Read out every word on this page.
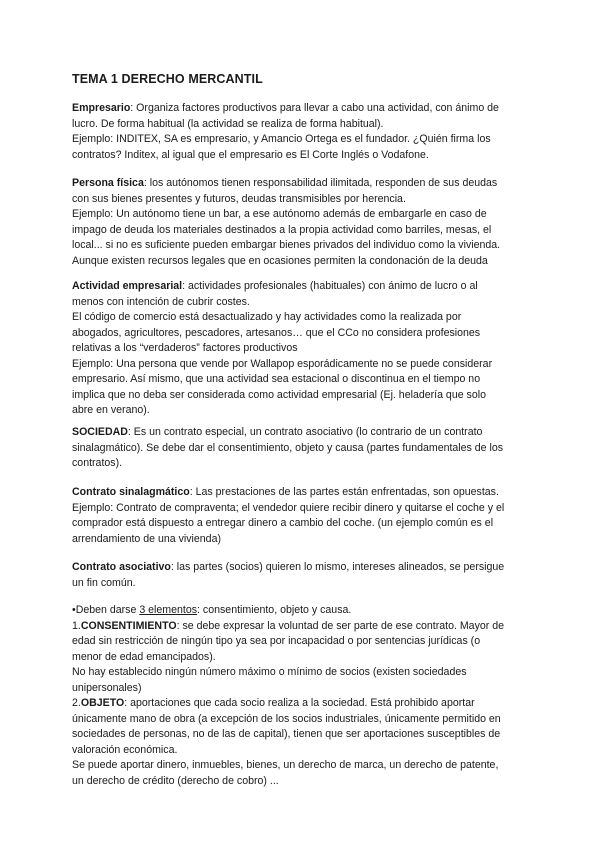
TEMA 1 DERECHO MERCANTIL
Empresario: Organiza factores productivos para llevar a cabo una actividad, con ánimo de
lucro. De forma habitual (la actividad se realiza de forma habitual).
Ejemplo: INDITEX, SA es empresario, y Amancio Ortega es el fundador. ¿Quién firma los
contratos? Inditex, al igual que el empresario es El Corte Inglés o Vodafone.
Persona física: los autónomos tienen responsabilidad ilimitada, responden de sus deudas
con sus bienes presentes y futuros, deudas transmisibles por herencia.
Ejemplo: Un autónomo tiene un bar, a ese autónomo además de embargarle en caso de
impago de deuda los materiales destinados a la propia actividad como barriles, mesas, el
local... si no es suficiente pueden embargar bienes privados del individuo como la vivienda.
Aunque existen recursos legales que en ocasiones permiten la condonación de la deuda
Actividad empresarial: actividades profesionales (habituales) con ánimo de lucro o al
menos con intención de cubrir costes.
El código de comercio está desactualizado y hay actividades como la realizada por
abogados, agricultores, pescadores, artesanos… que el CCo no considera profesiones
relativas a los “verdaderos” factores productivos
Ejemplo: Una persona que vende por Wallapop esporádicamente no se puede considerar
empresario. Así mismo, que una actividad sea estacional o discontinua en el tiempo no
implica que no deba ser considerada como actividad empresarial (Ej. heladería que solo
abre en verano).
SOCIEDAD: Es un contrato especial, un contrato asociativo (lo contrario de un contrato
sinalagmático). Se debe dar el consentimiento, objeto y causa (partes fundamentales de los
contratos).
Contrato sinalagmático: Las prestaciones de las partes están enfrentadas, son opuestas.
Ejemplo: Contrato de compraventa; el vendedor quiere recibir dinero y quitarse el coche y el
comprador está dispuesto a entregar dinero a cambio del coche. (un ejemplo común es el
arrendamiento de una vivienda)
Contrato asociativo: las partes (socios) quieren lo mismo, intereses alineados, se persigue
un fin común.
•Deben darse 3 elementos: consentimiento, objeto y causa.
1.CONSENTIMIENTO: se debe expresar la voluntad de ser parte de ese contrato. Mayor de
edad sin restricción de ningún tipo ya sea por incapacidad o por sentencias jurídicas (o
menor de edad emancipados).
No hay establecido ningún número máximo o mínimo de socios (existen sociedades
unipersonales)
2.OBJETO: aportaciones que cada socio realiza a la sociedad. Está prohibido aportar
únicamente mano de obra (a excepción de los socios industriales, únicamente permitido en
sociedades de personas, no de las de capital), tienen que ser aportaciones susceptibles de
valoración económica.
Se puede aportar dinero, inmuebles, bienes, un derecho de marca, un derecho de patente,
un derecho de crédito (derecho de cobro) ...
